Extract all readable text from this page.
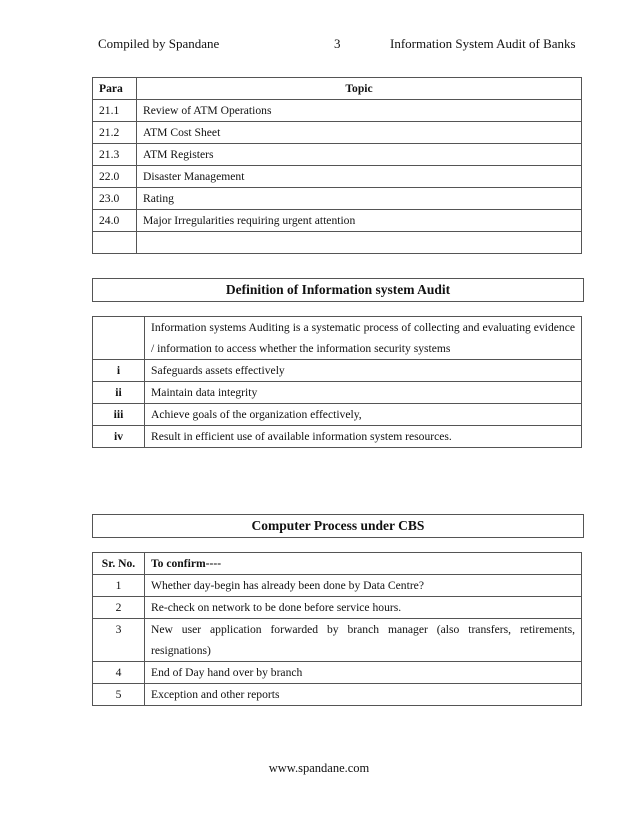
Compiled by Spandane	3	Information System Audit of Banks
Para	Topic
21.1	Review of ATM Operations
21.2	ATM Cost Sheet
21.3	ATM Registers
22.0	Disaster Management
23.0	Rating
24.0	Major Irregularities requiring urgent attention

Definition of Information system Audit
	Information systems Auditing is a systematic process of collecting and evaluating evidence / information to access whether the information security systems
i	Safeguards assets effectively
ii	Maintain data integrity
iii	Achieve goals of the organization effectively,
iv	Result in efficient use of available information system resources.
Computer Process under CBS
Sr. No.	To confirm----
1	Whether day-begin has already been done by Data Centre?
2	Re-check on network to be done before service hours.
3	New user application forwarded by branch manager (also transfers, retirements, resignations)
4	End of Day hand over by branch
5	Exception and other reports
www.spandane.com
